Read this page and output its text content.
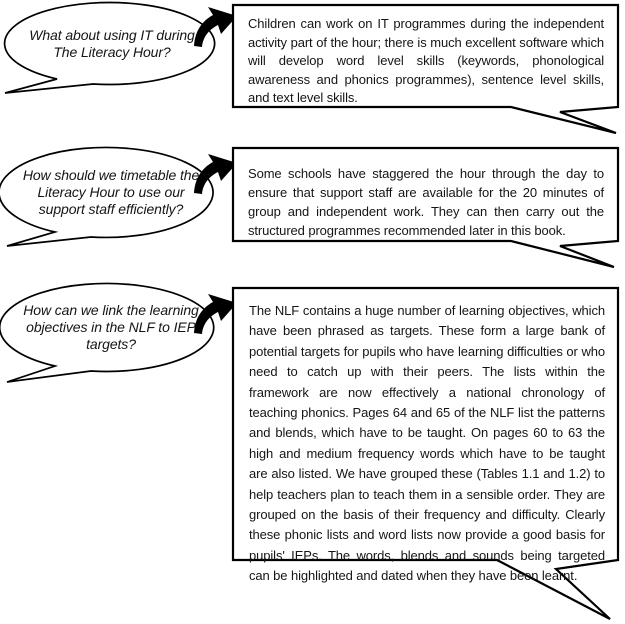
What about using IT during The Literacy Hour?
Children can work on IT programmes during the independent activity part of the hour; there is much excellent software which will develop word level skills (keywords, phonological awareness and phonics programmes), sentence level skills, and text level skills.
How should we timetable the Literacy Hour to use our support staff efficiently?
Some schools have staggered the hour through the day to ensure that support staff are available for the 20 minutes of group and independent work. They can then carry out the structured programmes recommended later in this book.
How can we link the learning objectives in the NLF to IEP targets?
The NLF contains a huge number of learning objectives, which have been phrased as targets. These form a large bank of potential targets for pupils who have learning difficulties or who need to catch up with their peers. The lists within the framework are now effectively a national chronology of teaching phonics. Pages 64 and 65 of the NLF list the patterns and blends, which have to be taught. On pages 60 to 63 the high and medium frequency words which have to be taught are also listed. We have grouped these (Tables 1.1 and 1.2) to help teachers plan to teach them in a sensible order. They are grouped on the basis of their frequency and difficulty. Clearly these phonic lists and word lists now provide a good basis for pupils' IEPs. The words, blends and sounds being targeted can be highlighted and dated when they have been learnt.
